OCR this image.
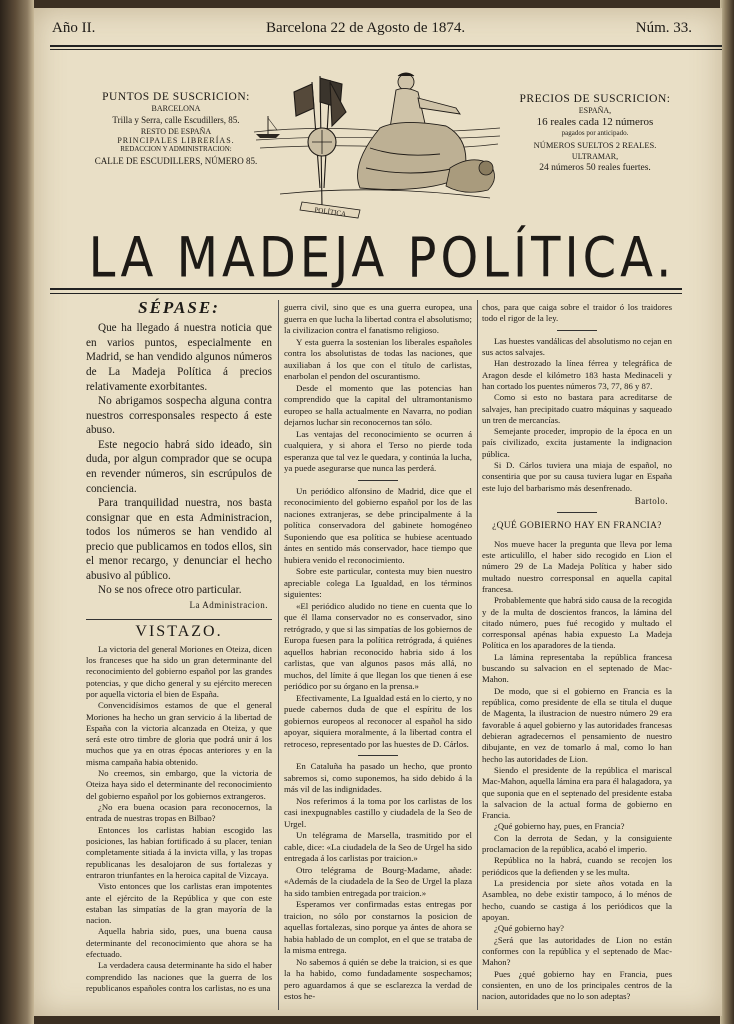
Año II.	Barcelona 22 de Agosto de 1874.	Núm. 33.
PUNTOS DE SUSCRICION:
BARCELONA
Trilla y Serra, calle Escudillers, 85.
RESTO DE ESPAÑA
PRINCIPALES LIBRERÍAS.
REDACCION Y ADMINISTRACION:
CALLE DE ESCUDILLERS, NÚMERO 85.
POLÍTICA
PRECIOS DE SUSCRICION:
ESPAÑA,
16 reales cada 12 números
pagados por anticipado.
NÚMEROS SUELTOS 2 REALES.
ULTRAMAR,
24 números 50 reales fuertes.
LA MADEJA POLÍTICA.
SÉPASE:

Que ha llegado á nuestra noticia que en varios puntos, especialmente en Madrid, se han vendido algunos números de La Madeja Política á precios relativamente exorbitantes.

No abrigamos sospecha alguna contra nuestros corresponsales respecto á este abuso.

Este negocio habrá sido ideado, sin duda, por algun comprador que se ocupa en revender números, sin escrúpulos de conciencia.

Para tranquilidad nuestra, nos basta consignar que en esta Administracion, todos los números se han vendido al precio que publicamos en todos ellos, sin el menor recargo, y denunciar el hecho abusivo al público.

No se nos ofrece otro particular.

La Administracion.

VISTAZO.

La victoria del general Moriones en Oteiza, dicen los franceses que ha sido un gran determinante del reconocimiento del gobierno español por las grandes potencias, y que dicho general y su ejército merecen por aquella victoria el bien de España.

Convencidísimos estamos de que el general Moriones ha hecho un gran servicio á la libertad de España con la victoria alcanzada en Oteiza, y que será este otro timbre de gloria que podrá unir á los muchos que ya en otras épocas anteriores y en la misma campaña habia obtenido.

No creemos, sin embargo, que la victoria de Oteiza haya sido el determinante del reconocimiento del gobierno español por los gobiernos extrangeros.

¿No era buena ocasion para reconocernos, la entrada de nuestras tropas en Bilbao?

Entonces los carlistas habian escogido las posiciones, las habian fortificado á su placer, tenian completamente sitiada á la invicta villa, y las tropas republicanas les desalojaron de sus fortalezas y entraron triunfantes en la heroica capital de Vizcaya.

Visto entonces que los carlistas eran impotentes ante el ejército de la República y que con este estaban las simpatías de la gran mayoría de la nacion.

Aquella habria sido, pues, una buena causa determinante del reconocimiento que ahora se ha efectuado.

La verdadera causa determinante ha sido el haber comprendido las naciones que la guerra de los republicanos españoles contra los carlistas, no es una

guerra civil, sino que es una guerra europea, una guerra en que lucha la libertad contra el absolutismo; la civilizacion contra el fanatismo religioso.

Y esta guerra la sostenian los liberales españoles contra los absolutistas de todas las naciones, que auxiliaban á los que con el título de carlistas, enarbolan el pendon del oscurantismo.

Desde el momento que las potencias han comprendido que la capital del ultramontanismo europeo se halla actualmente en Navarra, no podian dejarnos luchar sin reconocernos tan sólo.

Las ventajas del reconocimiento se ocurren á cualquiera, y si ahora el Terso no pierde toda esperanza que tal vez le quedara, y continúa la lucha, ya puede asegurarse que nunca las perderá.

Un periódico alfonsino de Madrid, dice que el reconocimiento del gobierno español por los de las naciones extranjeras, se debe principalmente á la política conservadora del gabinete homogéneo Suponiendo que esa política se hubiese acentuado ántes en sentido más conservador, hace tiempo que hubiera venido el reconocimiento.

Sobre este particular, contesta muy bien nuestro apreciable colega La Igualdad, en los términos siguientes:

«El periódico aludido no tiene en cuenta que lo que él llama conservador no es conservador, sino retrógrado, y que si las simpatías de los gobiernos de Europa fuesen para la política retrógrada, á quiénes aquellos habrian reconocido habria sido á los carlistas, que van algunos pasos más allá, no muchos, del límite á que llegan los que tienen á ese periódico por su órgano en la prensa.»

Efectivamente, La Igualdad está en lo cierto, y no puede cabernos duda de que el espíritu de los gobiernos europeos al reconocer al español ha sido apoyar, siquiera moralmente, á la libertad contra el retroceso, representado por las huestes de D. Cárlos.

En Cataluña ha pasado un hecho, que pronto sabremos si, como suponemos, ha sido debido á la más vil de las indignidades.

Nos referimos á la toma por los carlistas de los casi inexpugnables castillo y ciudadela de la Seo de Urgel.

Un telégrama de Marsella, trasmitido por el cable, dice: «La ciudadela de la Seo de Urgel ha sido entregada á los carlistas por traicion.»

Otro telégrama de Bourg-Madame, añade: «Además de la ciudadela de la Seo de Urgel la plaza ha sido tambien entregada por traicion.»

Esperamos ver confirmadas estas entregas por traicion, no sólo por constarnos la posicion de aquellas fortalezas, sino porque ya ántes de ahora se habia hablado de un complot, en el que se trataba de la misma entrega.

No sabemos á quién se debe la traicion, si es que la ha habido, como fundadamente sospechamos; pero aguardamos á que se esclarezca la verdad de estos he-

chos, para que caiga sobre el traidor ó los traidores todo el rigor de la ley.

Las huestes vandálicas del absolutismo no cejan en sus actos salvajes.

Han destrozado la línea férrea y telegráfica de Aragon desde el kilómetro 183 hasta Medinaceli y han cortado los puentes números 73, 77, 86 y 87.

Como si esto no bastara para acreditarse de salvajes, han precipitado cuatro máquinas y saqueado un tren de mercancías.

Semejante proceder, impropio de la época en un país civilizado, excita justamente la indignacion pública.

Si D. Cárlos tuviera una miaja de español, no consentiria que por su causa tuviera lugar en España este lujo del barbarismo más desenfrenado.

Bartolo.

¿QUÉ GOBIERNO HAY EN FRANCIA?

Nos mueve hacer la pregunta que lleva por lema este articulillo, el haber sido recogido en Lion el número 29 de La Madeja Política y haber sido multado nuestro corresponsal en aquella capital francesa.

Probablemente que habrá sido causa de la recogida y de la multa de doscientos francos, la lámina del citado número, pues fué recogido y multado el corresponsal apénas habia expuesto La Madeja Política en los aparadores de la tienda.

La lámina representaba la república francesa buscando su salvacion en el septenado de Mac-Mahon.

De modo, que si el gobierno en Francia es la república, como presidente de ella se titula el duque de Magenta, la ilustracion de nuestro número 29 era favorable á aquel gobierno y las autoridades francesas debieran agradecernos el pensamiento de nuestro dibujante, en vez de tomarlo á mal, como lo han hecho las autoridades de Lion.

Siendo el presidente de la república el mariscal Mac-Mahon, aquella lámina era para él halagadora, ya que suponia que en el septenado del presidente estaba la salvacion de la actual forma de gobierno en Francia.

¿Qué gobierno hay, pues, en Francia?

Con la derrota de Sedan, y la consiguiente proclamacion de la república, acabó el imperio.

República no la habrá, cuando se recojen los periódicos que la defienden y se les multa.

La presidencia por siete años votada en la Asamblea, no debe existir tampoco, á lo ménos de hecho, cuando se castiga á los periódicos que la apoyan.

¿Qué gobierno hay?

¿Será que las autoridades de Lion no están conformes con la república y el septenado de Mac-Mahon?

Pues ¿qué gobierno hay en Francia, pues consienten, en uno de los principales centros de la nacion, autoridades que no lo son adeptas?
